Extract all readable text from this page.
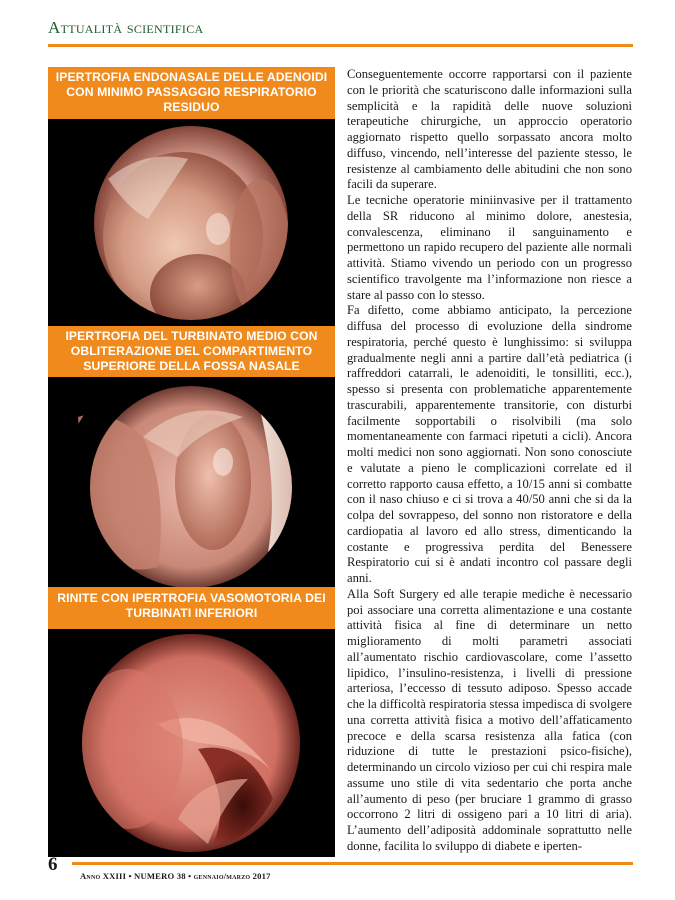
Attualità scientifica
IPERTROFIA ENDONASALE DELLE ADENOIDI CON MINIMO PASSAGGIO RESPIRATORIO RESIDUO
IPERTROFIA DEL TURBINATO MEDIO CON OBLITERAZIONE DEL COMPARTIMENTO SUPERIORE DELLA FOSSA NASALE
RINITE CON IPERTROFIA VASOMOTORIA DEI TURBINATI INFERIORI

Conseguentemente occorre rapportarsi con il paziente con le priorità che scaturiscono dalle informazioni sulla semplicità e la rapidità delle nuove soluzioni terapeutiche chirurgiche, un approccio operatorio aggiornato rispetto quello sorpassato ancora molto diffuso, vincendo, nell’interesse del paziente stesso, le resistenze al cambiamento delle abitudini che non sono facili da superare.

Le tecniche operatorie miniinvasive per il trattamento della SR riducono al minimo dolore, anestesia, convalescenza, eliminano il sanguinamento e permettono un rapido recupero del paziente alle normali attività. Stiamo vivendo un periodo con un progresso scientifico travolgente ma l’informazione non riesce a stare al passo con lo stesso.

Fa difetto, come abbiamo anticipato, la percezione diffusa del processo di evoluzione della sindrome respiratoria, perché questo è lunghissimo: si sviluppa gradualmente negli anni a partire dall’età pediatrica (i raffreddori catarrali, le adenoiditi, le tonsilliti, ecc.), spesso si presenta con problematiche apparentemente trascurabili, apparentemente transitorie, con disturbi facilmente sopportabili o risolvibili (ma solo momentaneamente con farmaci ripetuti a cicli). Ancora molti medici non sono aggiornati. Non sono conosciute e valutate a pieno le complicazioni correlate ed il corretto rapporto causa effetto, a 10/15 anni si combatte con il naso chiuso e ci si trova a 40/50 anni che si da la colpa del sovrappeso, del sonno non ristoratore e della cardiopatia al lavoro ed allo stress, dimenticando la costante e progressiva perdita del Benessere Respiratorio cui si è andati incontro col passare degli anni.

Alla Soft Surgery ed alle terapie mediche è necessario poi associare una corretta alimentazione e una costante attività fisica al fine di determinare un netto miglioramento di molti parametri associati all’aumentato rischio cardiovascolare, come l’assetto lipidico, l’insulino-resistenza, i livelli di pressione arteriosa, l’eccesso di tessuto adiposo. Spesso accade che la difficoltà respiratoria stessa impedisca di svolgere una corretta attività fisica a motivo dell’affaticamento precoce e della scarsa resistenza alla fatica (con riduzione di tutte le prestazioni psico-fisiche), determinando un circolo vizioso per cui chi respira male assume uno stile di vita sedentario che porta anche all’aumento di peso (per bruciare 1 grammo di grasso occorrono 2 litri di ossigeno pari a 10 litri di aria). L’aumento dell’adiposità addominale soprattutto nelle donne, facilita lo sviluppo di diabete e iperten-

6
Anno XXIII • NUMERO 38 • gennaio/marzo 2017
